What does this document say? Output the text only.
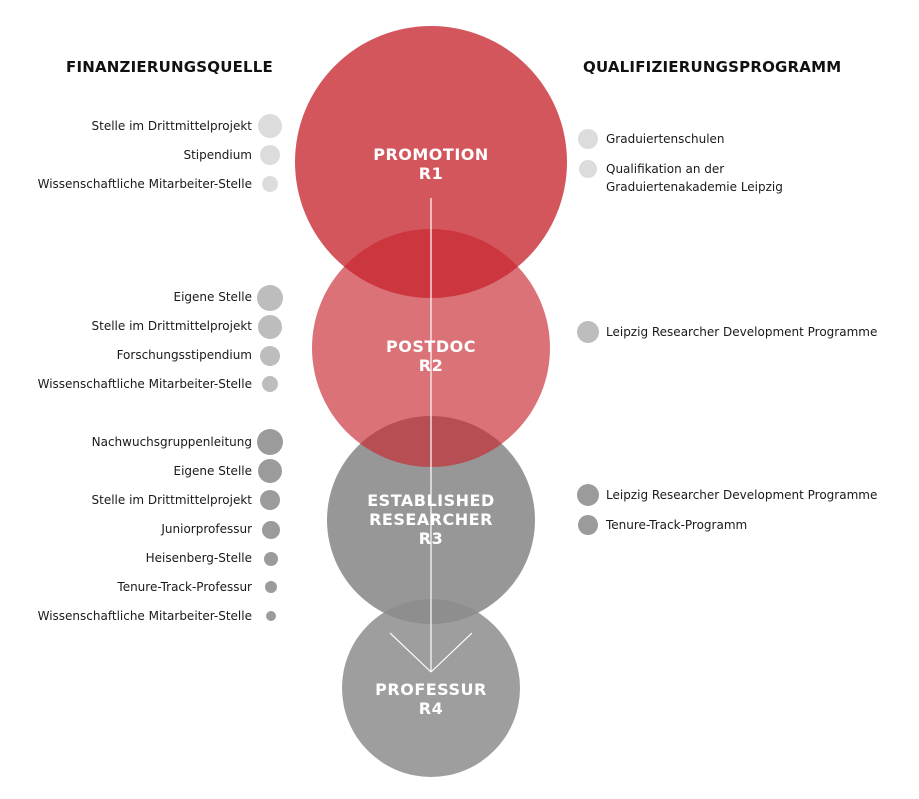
FINANZIERUNGSQUELLE	QUALIFIZIERUNGSPROGRAMM
PROMOTION
R1
POSTDOC
R2
ESTABLISHED
RESEARCHER
R3
PROFESSUR
R4
Stelle im Drittmittelprojekt
Stipendium
Wissenschaftliche Mitarbeiter-Stelle
Eigene Stelle
Stelle im Drittmittelprojekt
Forschungsstipendium
Wissenschaftliche Mitarbeiter-Stelle
Nachwuchsgruppenleitung
Eigene Stelle
Stelle im Drittmittelprojekt
Juniorprofessur
Heisenberg-Stelle
Tenure-Track-Professur
Wissenschaftliche Mitarbeiter-Stelle
Graduiertenschulen
Qualifikation an der Graduiertenakademie Leipzig
Leipzig Researcher Development Programme
Leipzig Researcher Development Programme
Tenure-Track-Programm
